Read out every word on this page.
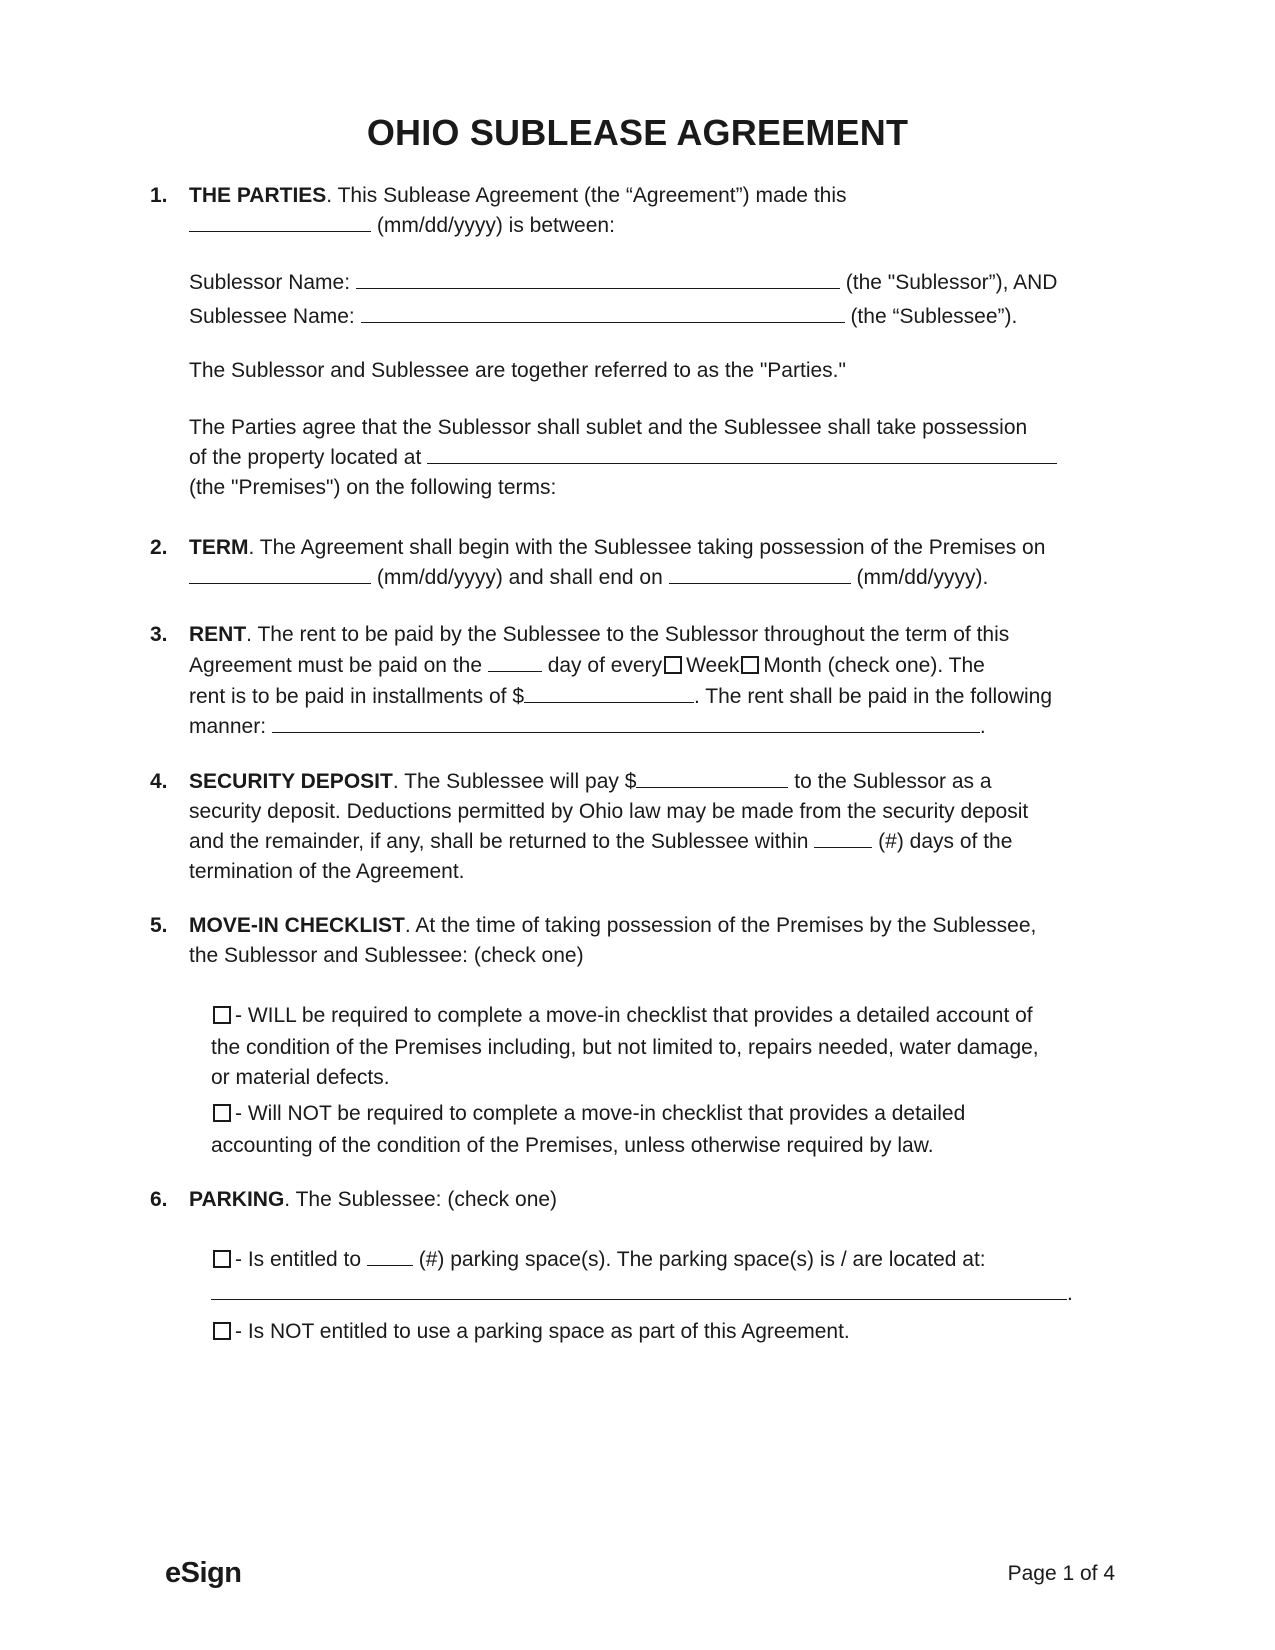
OHIO SUBLEASE AGREEMENT
1. THE PARTIES. This Sublease Agreement (the “Agreement”) made this
(mm/dd/yyyy) is between:
Sublessor Name:	(the "Sublessor”), AND
Sublessee Name:	(the “Sublessee”).
The Sublessor and Sublessee are together referred to as the "Parties."
The Parties agree that the Sublessor shall sublet and the Sublessee shall take possession
of the property located at
(the "Premises") on the following terms:
2. TERM. The Agreement shall begin with the Sublessee taking possession of the Premises on
(mm/dd/yyyy) and shall end on	(mm/dd/yyyy).
3. RENT. The rent to be paid by the Sublessee to the Sublessor throughout the term of this
Agreement must be paid on the	day of every Week Month (check one). The
rent is to be paid in installments of $	. The rent shall be paid in the following
manner:	.
4. SECURITY DEPOSIT. The Sublessee will pay $	to the Sublessor as a
security deposit. Deductions permitted by Ohio law may be made from the security deposit
and the remainder, if any, shall be returned to the Sublessee within	(#) days of the
termination of the Agreement.
5. MOVE-IN CHECKLIST. At the time of taking possession of the Premises by the Sublessee,
the Sublessor and Sublessee: (check one)
- WILL be required to complete a move-in checklist that provides a detailed account of
the condition of the Premises including, but not limited to, repairs needed, water damage,
or material defects.
- Will NOT be required to complete a move-in checklist that provides a detailed
accounting of the condition of the Premises, unless otherwise required by law.
6. PARKING. The Sublessee: (check one)
- Is entitled to  (#) parking space(s). The parking space(s) is / are located at:
.
- Is NOT entitled to use a parking space as part of this Agreement.
eSign	Page 1 of 4
